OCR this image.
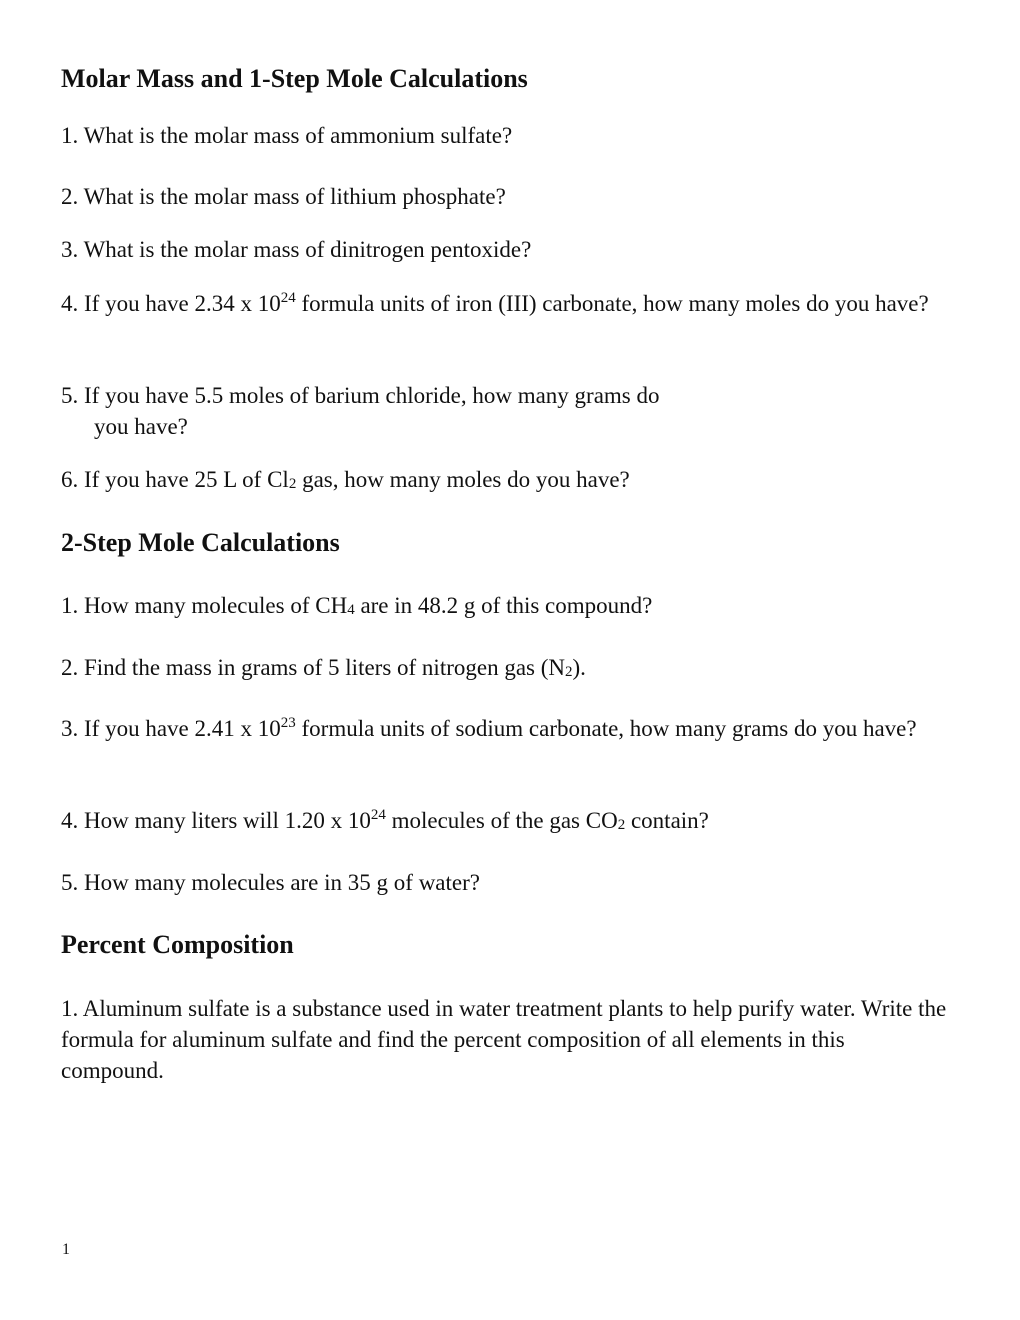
Molar Mass and 1-Step Mole Calculations

1. What is the molar mass of ammonium sulfate?

2. What is the molar mass of lithium phosphate?

3. What is the molar mass of dinitrogen pentoxide?

4. If you have 2.34 x $10^{24}$ formula units of iron (III) carbonate, how many moles do you have?

5. If you have 5.5 moles of barium chloride, how many grams do
you have?

6. If you have 25 L of $Cl_2$ gas, how many moles do you have?

2-Step Mole Calculations

1. How many molecules of $CH_4$ are in 48.2 g of this compound?

2. Find the mass in grams of 5 liters of nitrogen gas $(N_2)$.

3. If you have 2.41 x $10^{23}$ formula units of sodium carbonate, how many grams do you have?

4. How many liters will 1.20 x $10^{24}$ molecules of the gas $CO_2$ contain?

5. How many molecules are in 35 g of water?

Percent Composition

1. Aluminum sulfate is a substance used in water treatment plants to help purify water. Write the formula for aluminum sulfate and find the percent composition of all elements in this compound.

1
